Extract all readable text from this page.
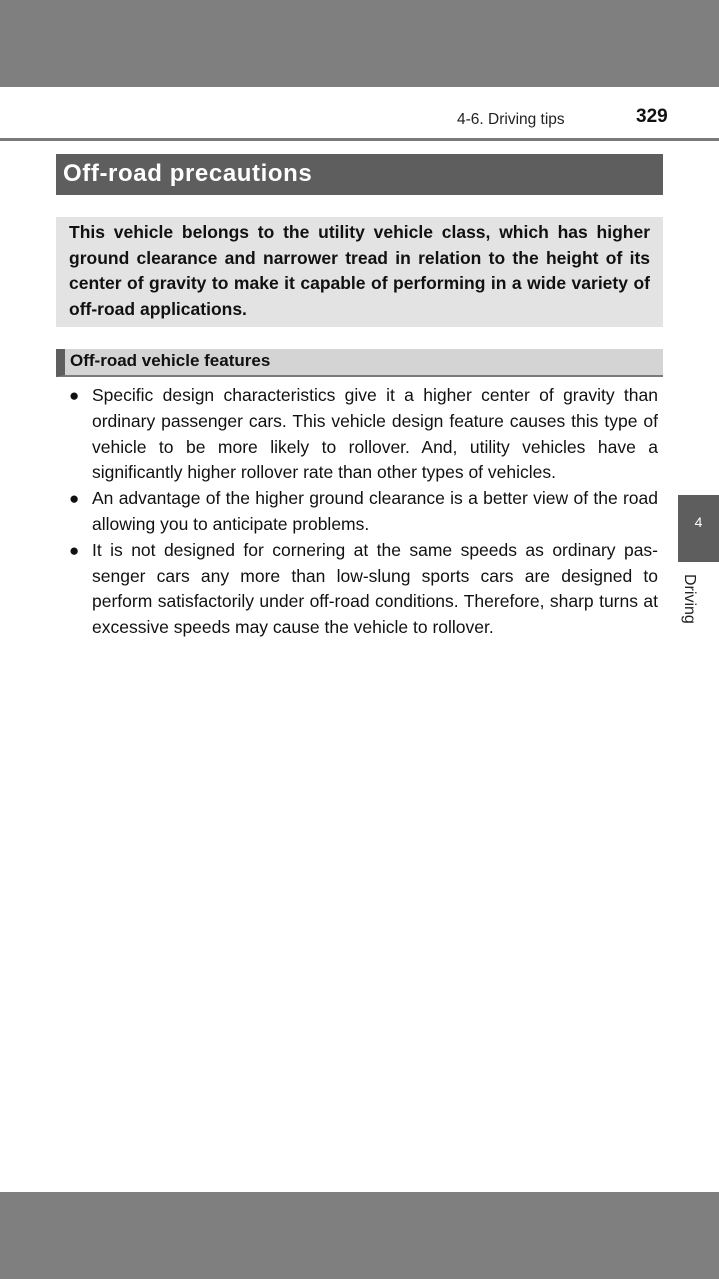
4-6. Driving tips	329
Off-road precautions
This vehicle belongs to the utility vehicle class, which has higher ground clearance and narrower tread in relation to the height of its center of gravity to make it capable of performing in a wide variety of off-road applications.
Off-road vehicle features
● Specific design characteristics give it a higher center of gravity than ordinary passenger cars. This vehicle design feature causes this type of vehicle to be more likely to rollover. And, utility vehicles have a significantly higher rollover rate than other types of vehicles.
● An advantage of the higher ground clearance is a better view of the road allowing you to anticipate problems.
● It is not designed for cornering at the same speeds as ordinary pas-senger cars any more than low-slung sports cars are designed to perform satisfactorily under off-road conditions. Therefore, sharp turns at excessive speeds may cause the vehicle to rollover.
4
Driving
